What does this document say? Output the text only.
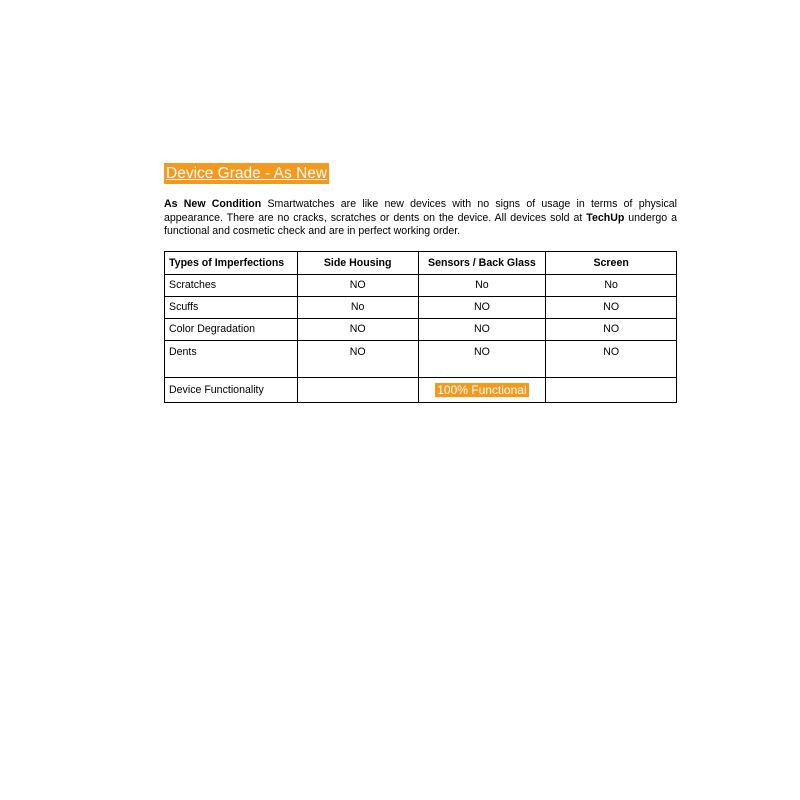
Device Grade - As New
As New Condition Smartwatches are like new devices with no signs of usage in terms of physical appearance. There are no cracks, scratches or dents on the device. All devices sold at TechUp undergo a functional and cosmetic check and are in perfect working order.
Types of Imperfections	Side Housing	Sensors / Back Glass	Screen
Scratches	NO	No	No
Scuffs	No	NO	NO
Color Degradation	NO	NO	NO
Dents	NO	NO	NO
Device Functionality		100% Functional	
